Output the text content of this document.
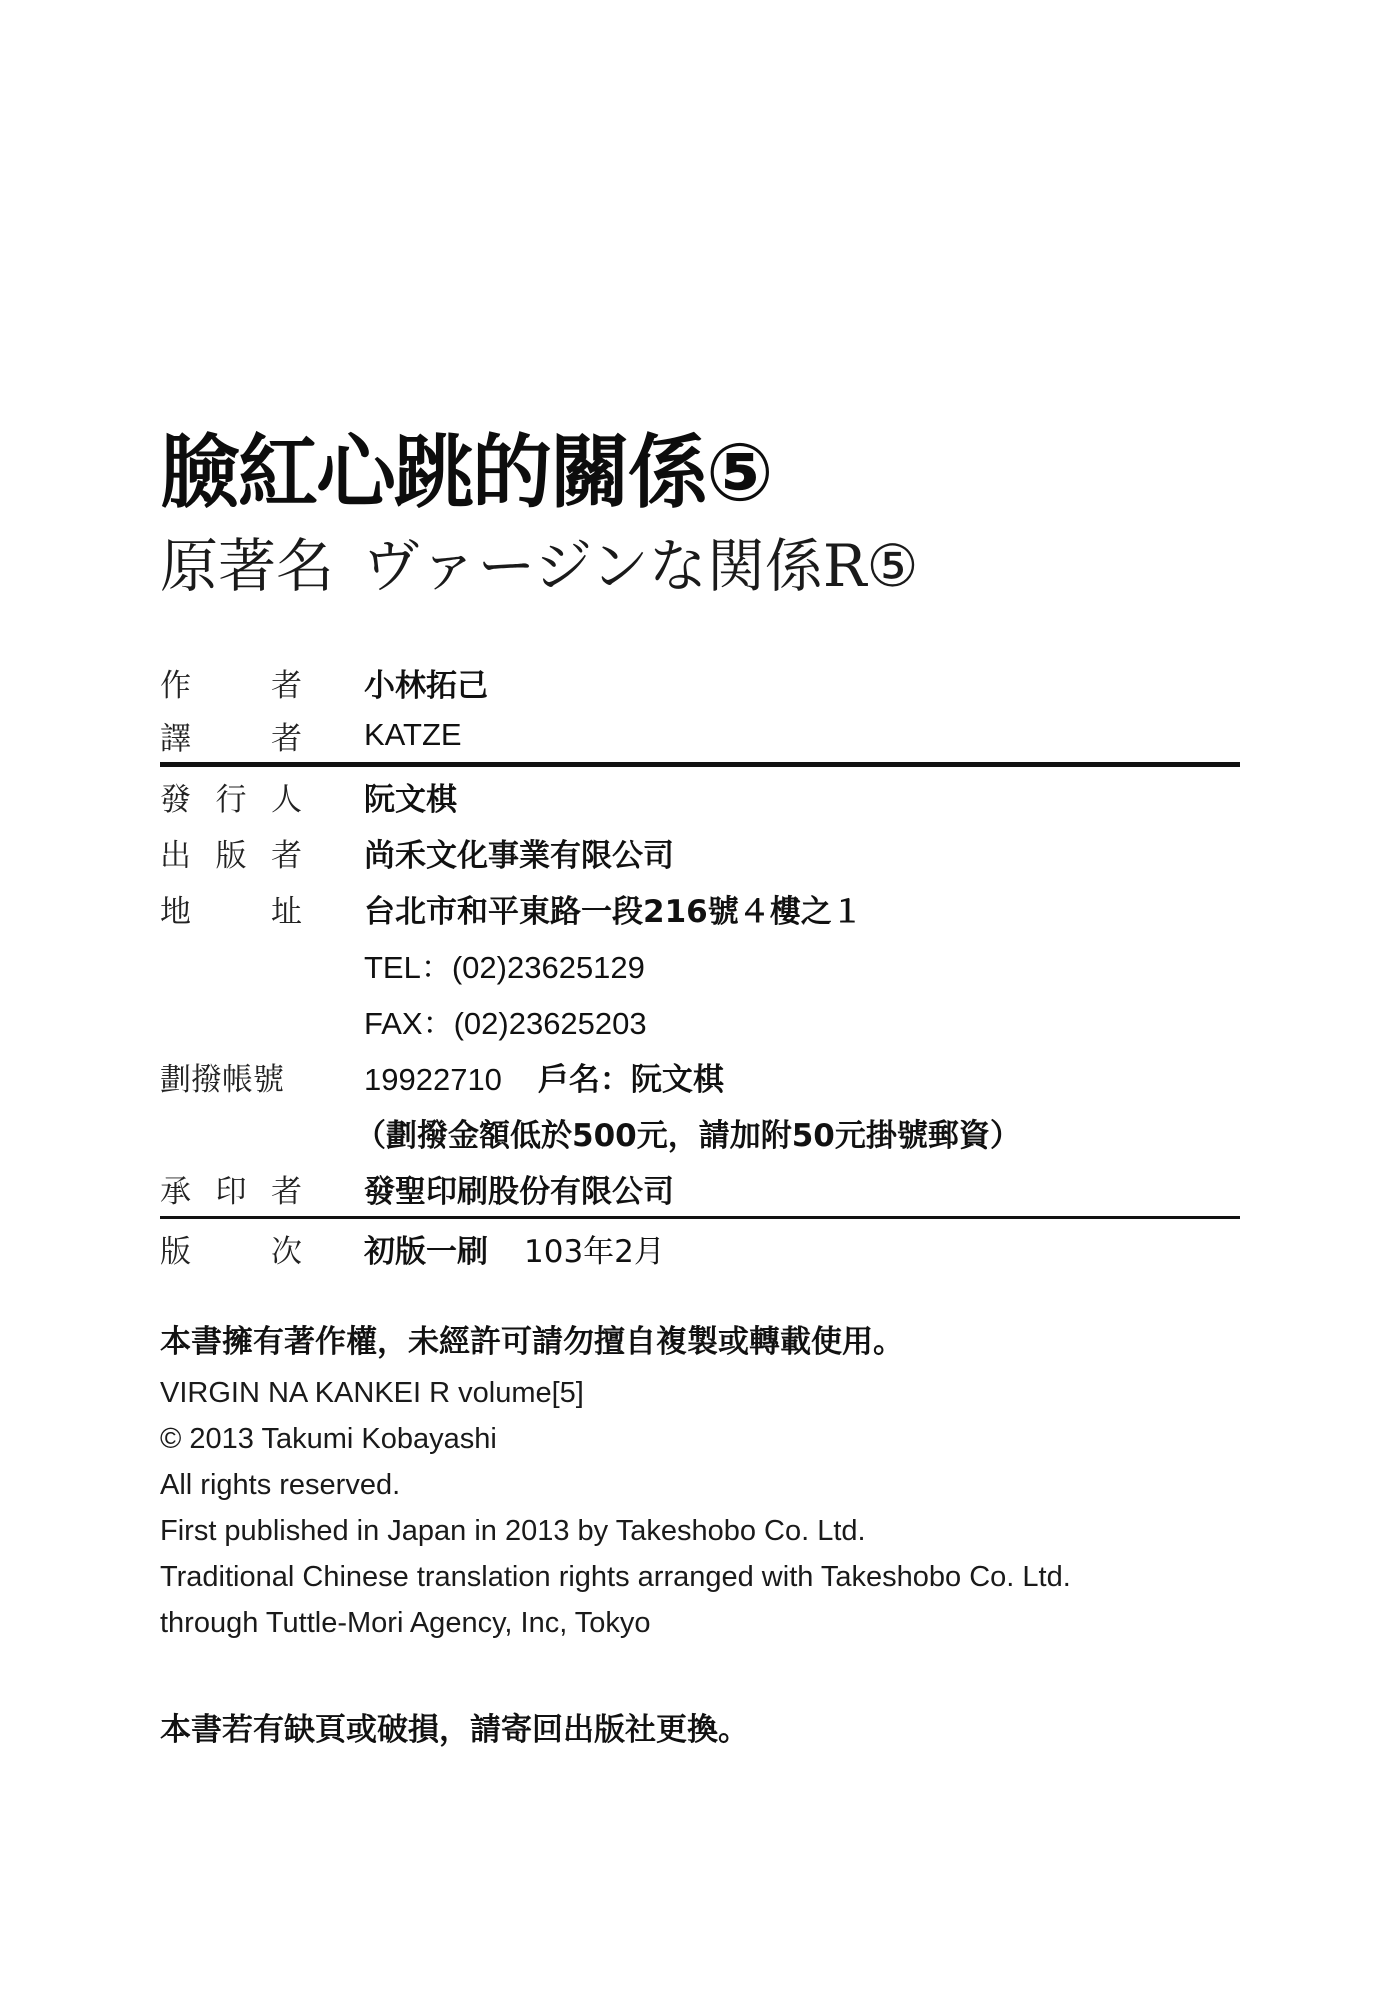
臉紅心跳的關係⑤
原著名 ヴァージンな関係R⑤
作	者 小林拓己
譯	者 KATZE
發 行 人 阮文棋
出 版 者 尚禾文化事業有限公司
地	址 台北市和平東路一段216號４樓之１
TEL：(02)23625129
FAX：(02)23625203
劃撥帳號	19922710 戶名：阮文棋
（劃撥金額低於500元，請加附50元掛號郵資）
承 印 者 發聖印刷股份有限公司
版	次 初版一刷 103年2月
本書擁有著作權，未經許可請勿擅自複製或轉載使用。
VIRGIN NA KANKEI R volume[5]
© 2013 Takumi Kobayashi
All rights reserved.
First published in Japan in 2013 by Takeshobo Co. Ltd.
Traditional Chinese translation rights arranged with Takeshobo Co. Ltd.
through Tuttle-Mori Agency, Inc, Tokyo
本書若有缺頁或破損，請寄回出版社更換。
